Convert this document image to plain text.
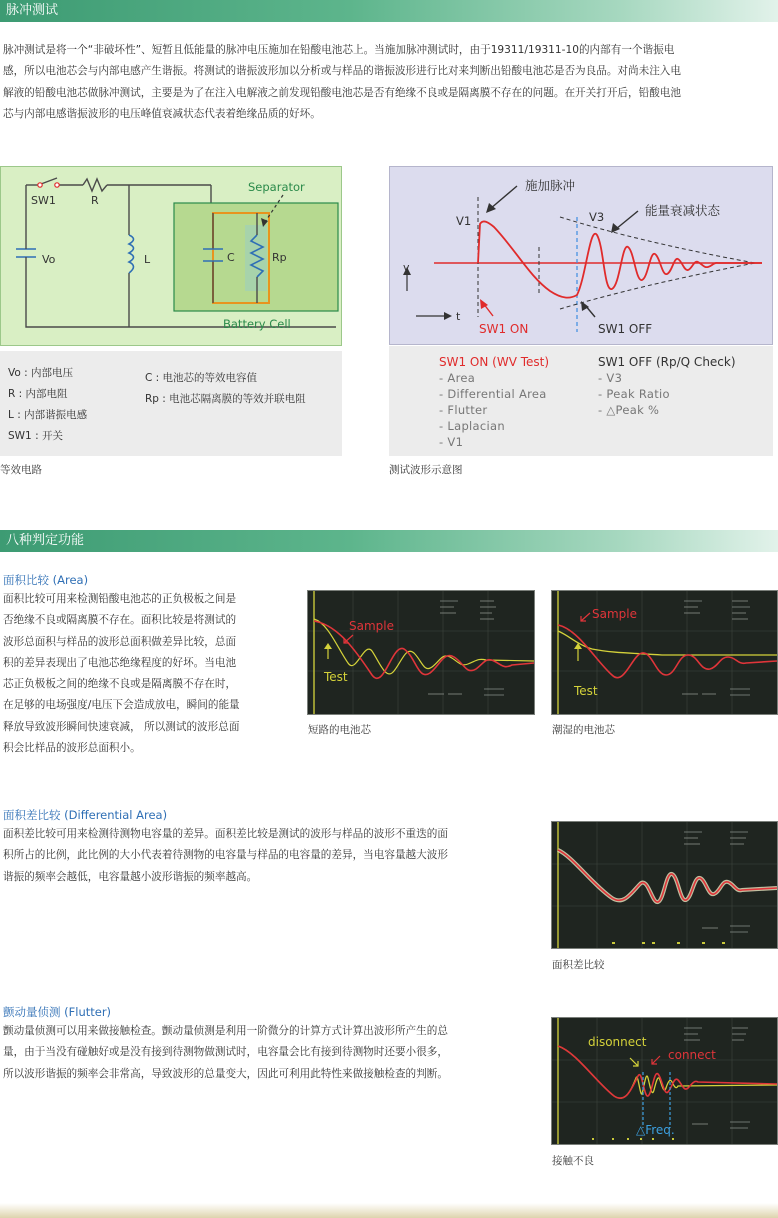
脉冲测试
脉冲测试是将一个“非破坏性”、短暂且低能量的脉冲电压施加在铅酸电池芯上。当施加脉冲测试时，由于19311/19311-10的内部有一个谐振电
感，所以电池芯会与内部电感产生谐振。将测试的谐振波形加以分析或与样品的谐振波形进行比对来判断出铅酸电池芯是否为良品。对尚未注入电
解液的铅酸电池芯做脉冲测试，主要是为了在注入电解液之前发现铅酸电池芯是否有绝缘不良或是隔离膜不存在的问题。在开关打开后，铅酸电池
芯与内部电感谐振波形的电压峰值衰减状态代表着绝缘品质的好坏。
SW1	R
Vo	L	C	Rp
Separator
Battery Cell
Vo : 内部电压
R : 内部电阻
L : 内部谐振电感
SW1 : 开关
C : 电池芯的等效电容值
Rp : 电池芯隔离膜的等效并联电阻
等效电路
施加脉冲
能量衰减状态
V1	V3
v
t
SW1 ON	SW1 OFF
SW1 ON (WV Test)
- Area
- Differential Area
- Flutter
- Laplacian
- V1
SW1 OFF (Rp/Q Check)
- V3
- Peak Ratio
- △Peak %
测试波形示意图
八种判定功能
面积比较 (Area)
面积比较可用来检测铅酸电池芯的正负极板之间是
否绝缘不良或隔离膜不存在。面积比较是将测试的
波形总面积与样品的波形总面积做差异比较，总面
积的差异表现出了电池芯绝缘程度的好坏。当电池
芯正负极板之间的绝缘不良或是隔离膜不存在时，
在足够的电场强度/电压下会造成放电，瞬间的能量
释放导致波形瞬间快速衰减， 所以测试的波形总面
积会比样品的波形总面积小。
Sample
Test
短路的电池芯
Sample
Test
潮湿的电池芯
面积差比较 (Differential Area)
面积差比较可用来检测待测物电容量的差异。面积差比较是测试的波形与样品的波形不重迭的面
积所占的比例，此比例的大小代表着待测物的电容量与样品的电容量的差异，当电容量越大波形
谐振的频率会越低，电容量越小波形谐振的频率越高。
面积差比较
颤动量侦测 (Flutter)
颤动量侦测可以用来做接触检查。颤动量侦测是利用一阶微分的计算方式计算出波形所产生的总
量，由于当没有碰触好或是没有接到待测物做测试时，电容量会比有接到待测物时还要小很多，
所以波形谐振的频率会非常高，导致波形的总量变大，因此可利用此特性来做接触检查的判断。
disonnect
connect
△Freq.
接触不良
